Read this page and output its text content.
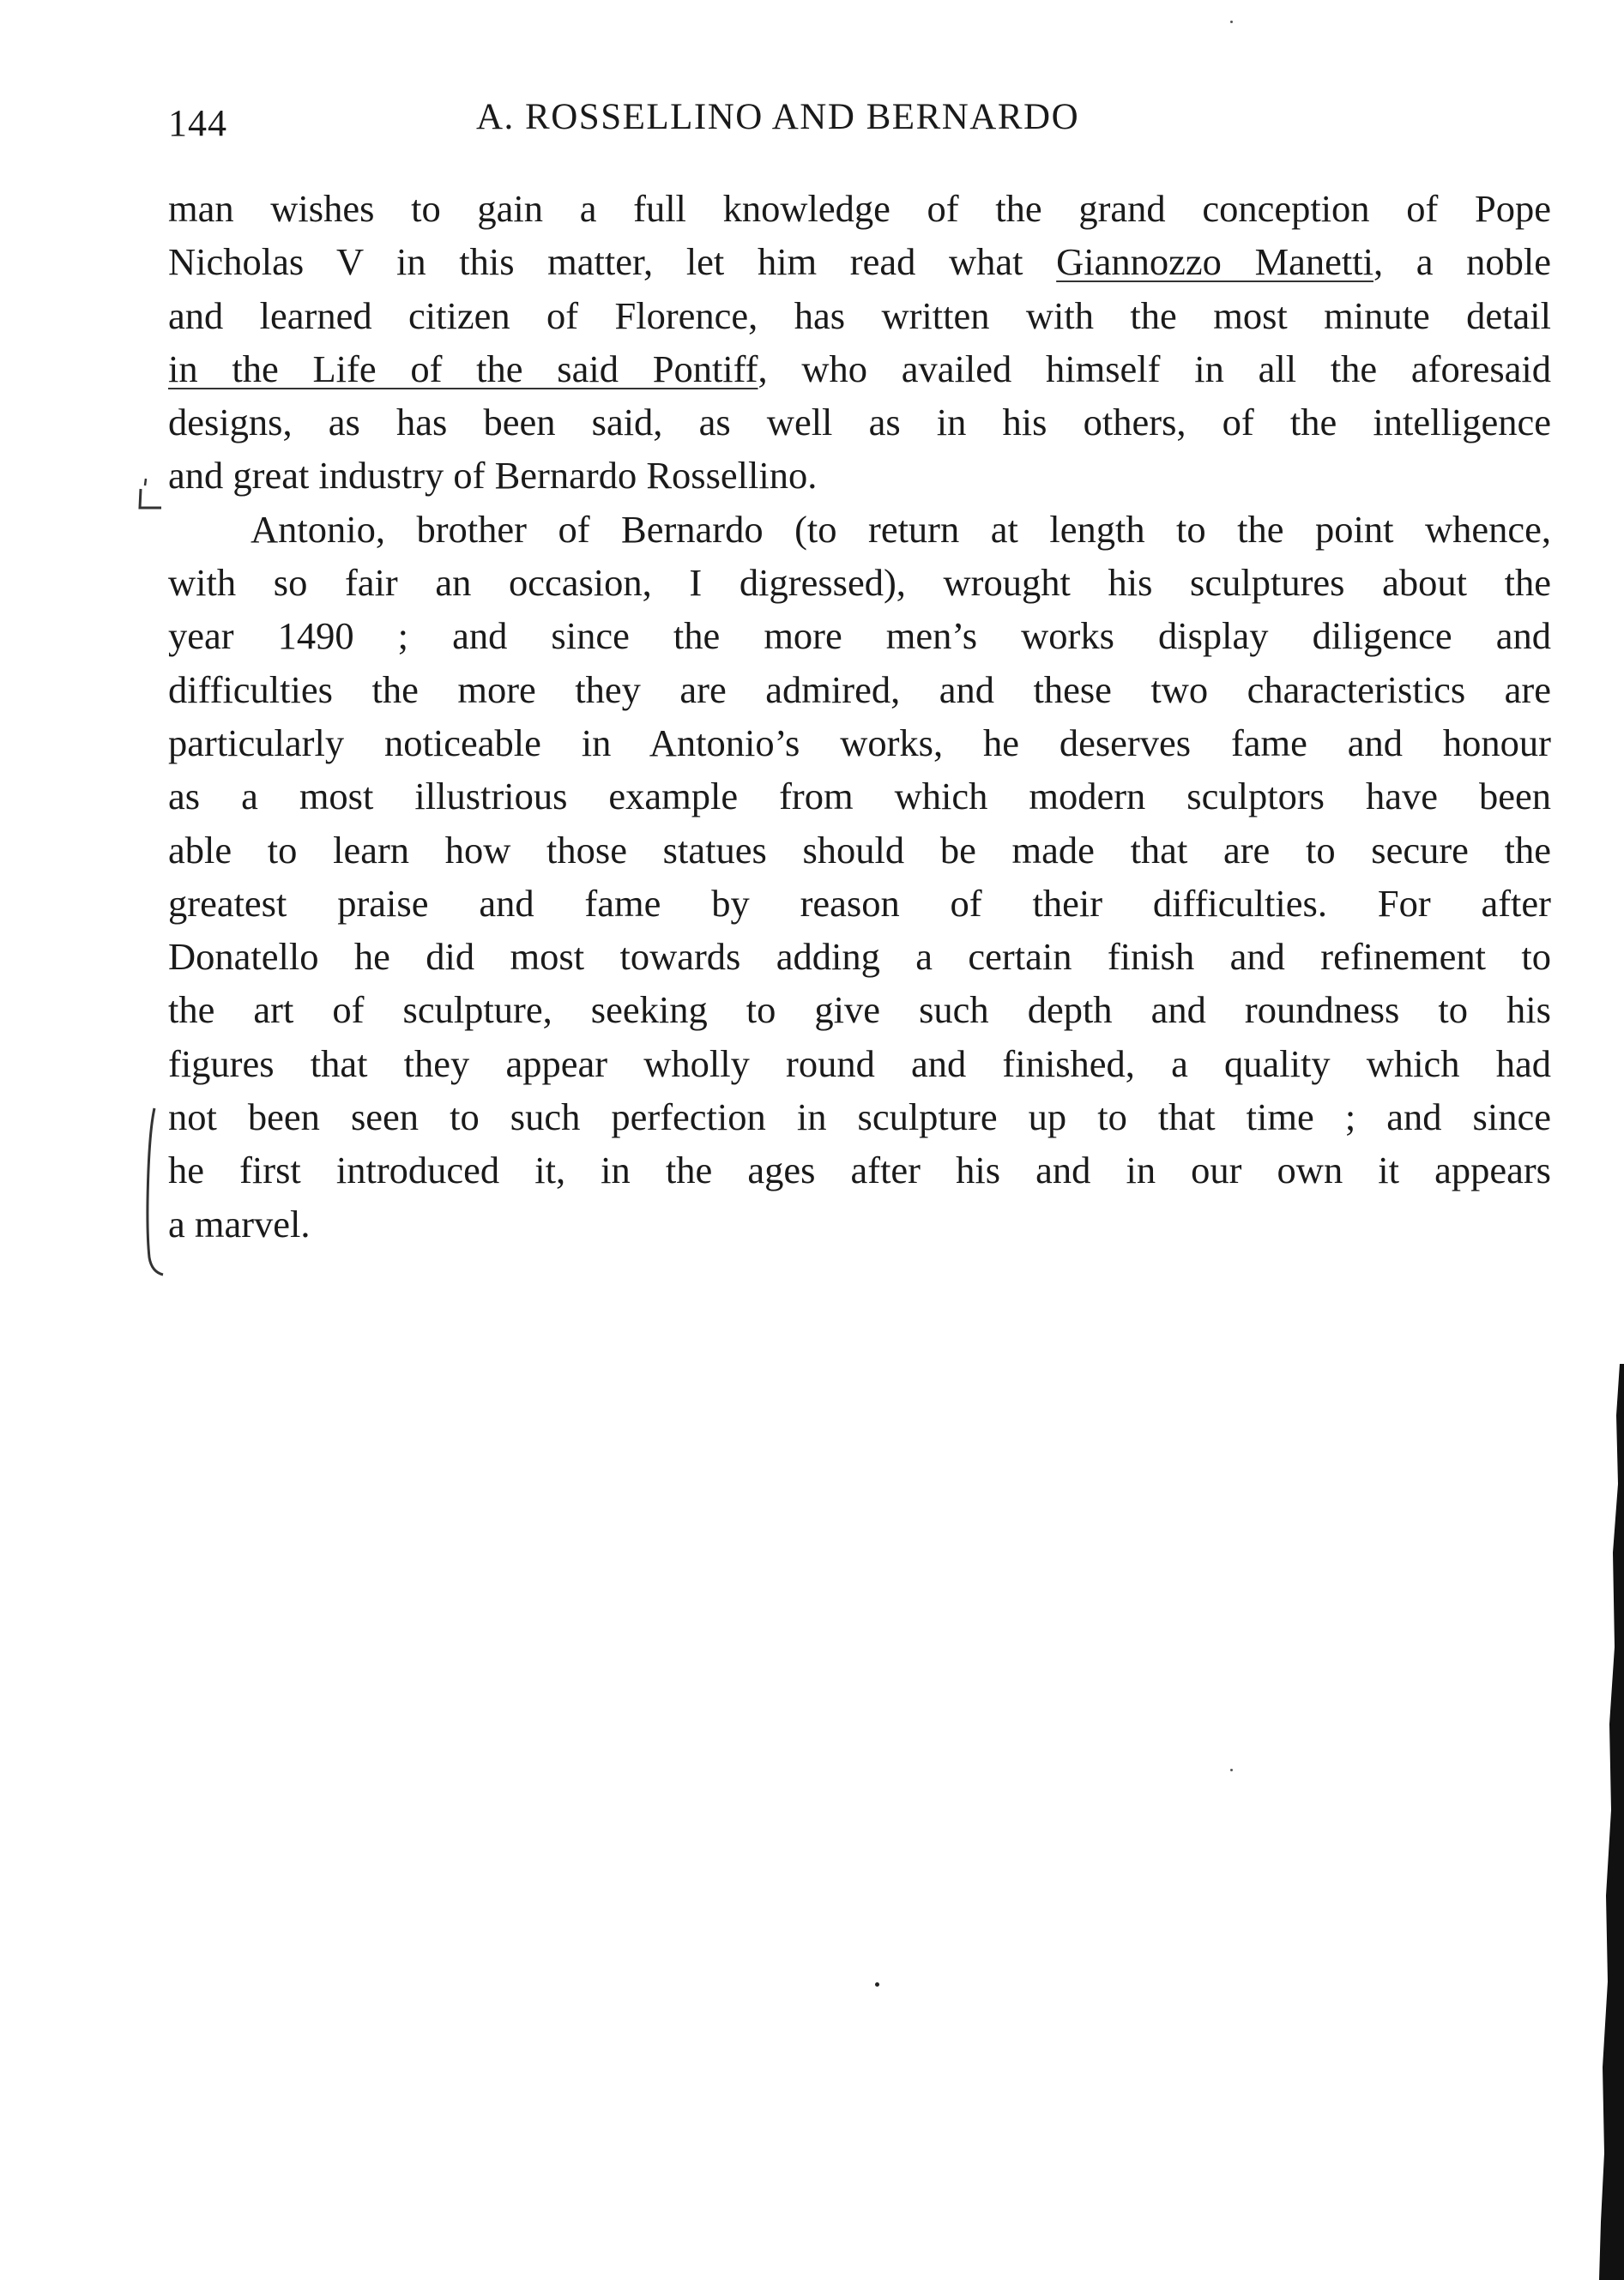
144	A. ROSSELLINO AND BERNARDO
man wishes to gain a full knowledge of the grand conception of Pope
Nicholas V in this matter, let him read what Giannozzo Manetti, a noble
and learned citizen of Florence, has written with the most minute detail
in the Life of the said Pontiff, who availed himself in all the aforesaid
designs, as has been said, as well as in his others, of the intelligence
and great industry of Bernardo Rossellino.
Antonio, brother of Bernardo (to return at length to the point whence,
with so fair an occasion, I digressed), wrought his sculptures about the
year 1490 ; and since the more men’s works display diligence and
difficulties the more they are admired, and these two characteristics are
particularly noticeable in Antonio’s works, he deserves fame and honour
as a most illustrious example from which modern sculptors have been
able to learn how those statues should be made that are to secure the
greatest praise and fame by reason of their difficulties. For after
Donatello he did most towards adding a certain finish and refinement to
the art of sculpture, seeking to give such depth and roundness to his
figures that they appear wholly round and finished, a quality which had
not been seen to such perfection in sculpture up to that time ; and since
he first introduced it, in the ages after his and in our own it appears
a marvel.
